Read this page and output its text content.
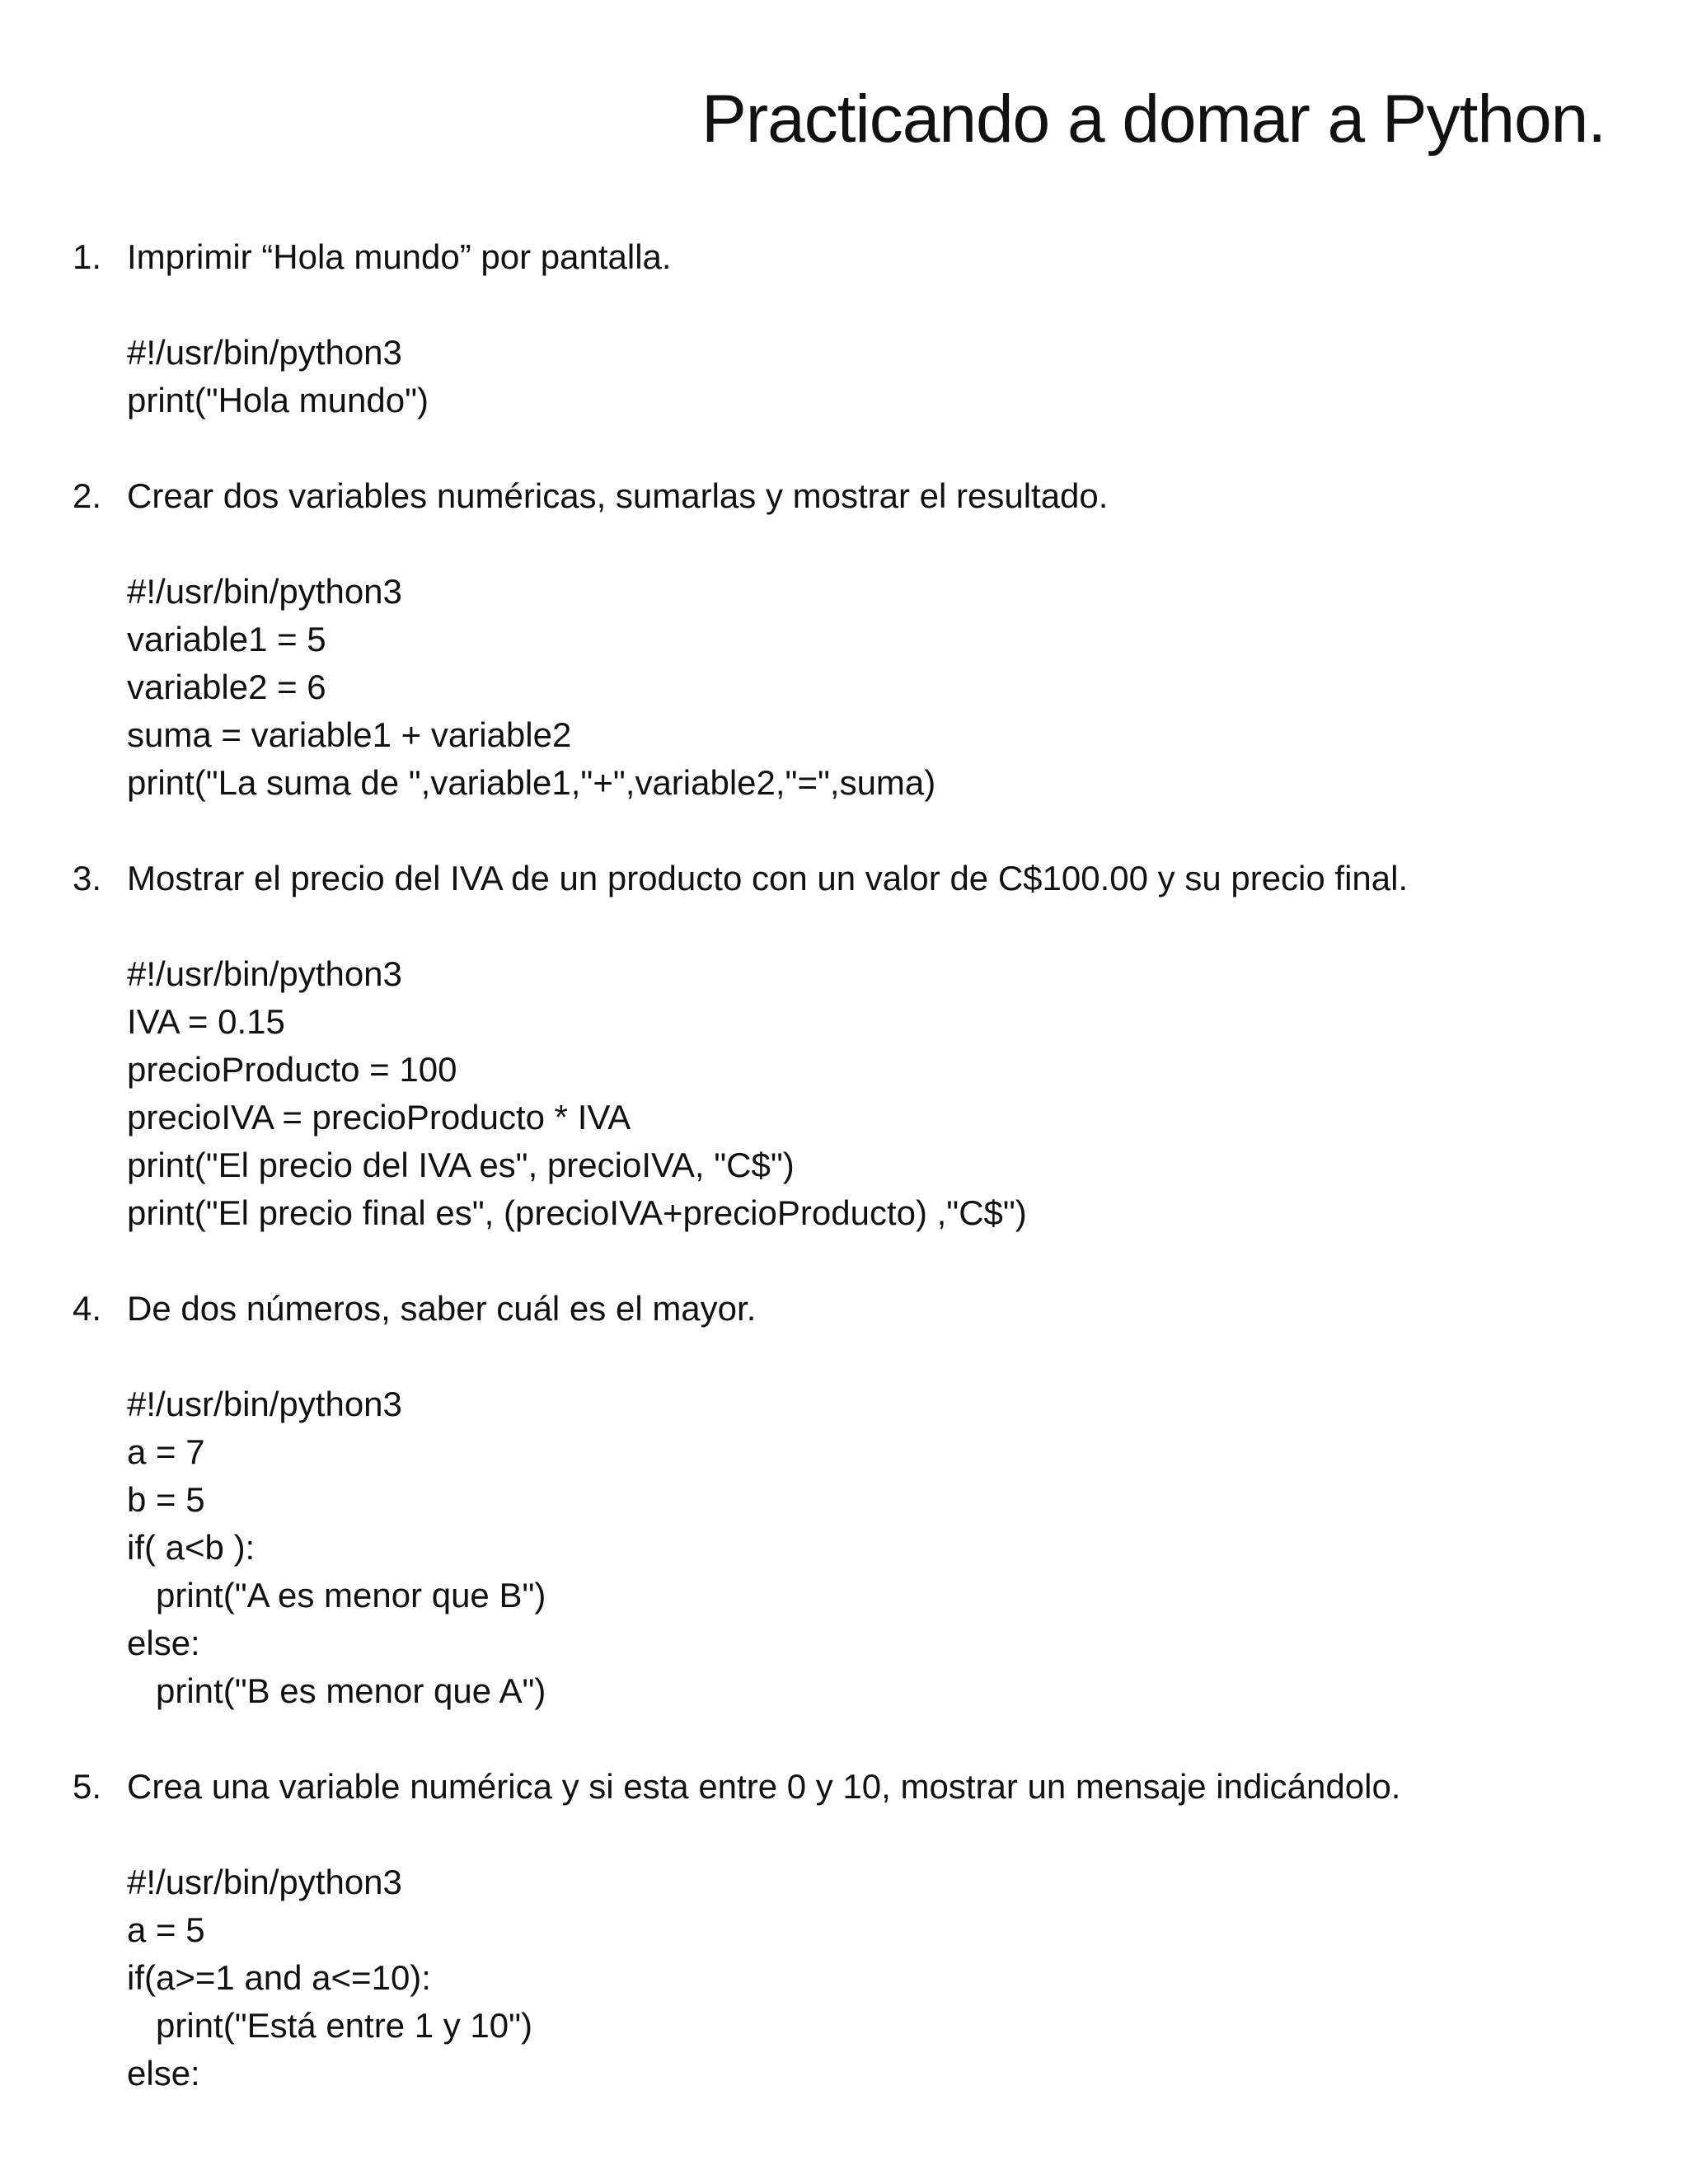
Practicando a domar a Python.
1. Imprimir “Hola mundo” por pantalla.
#!/usr/bin/python3
print("Hola mundo")
2. Crear dos variables numéricas, sumarlas y mostrar el resultado.
#!/usr/bin/python3
variable1 = 5
variable2 = 6
suma = variable1 + variable2
print("La suma de ",variable1,"+",variable2,"=",suma)
3. Mostrar el precio del IVA de un producto con un valor de C$100.00 y su precio final.
#!/usr/bin/python3
IVA = 0.15
precioProducto = 100
precioIVA = precioProducto * IVA
print("El precio del IVA es", precioIVA, "C$")
print("El precio final es", (precioIVA+precioProducto) ,"C$")
4. De dos números, saber cuál es el mayor.
#!/usr/bin/python3
a = 7
b = 5
if( a<b ):
print("A es menor que B")
else:
print("B es menor que A")
5. Crea una variable numérica y si esta entre 0 y 10, mostrar un mensaje indicándolo.
#!/usr/bin/python3
a = 5
if(a>=1 and a<=10):
print("Está entre 1 y 10")
else:
